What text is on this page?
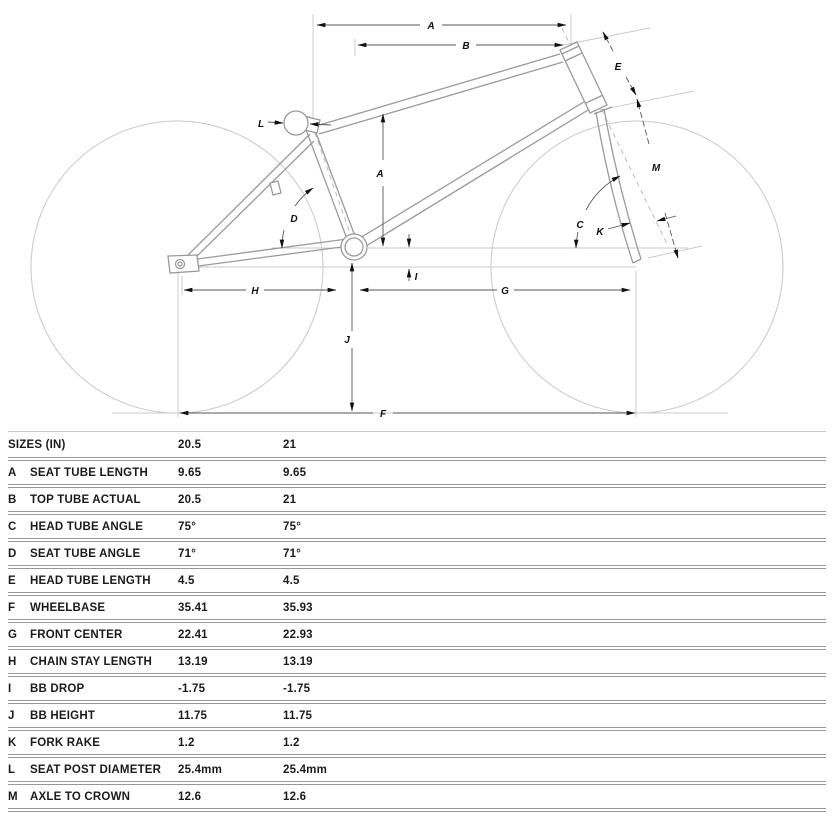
A
B
A
C
D
E
F
G
H
I
J
K
L
M
SIZES (IN)	20.5	21
A	SEAT TUBE LENGTH	9.65	9.65
B	TOP TUBE ACTUAL	20.5	21
C	HEAD TUBE ANGLE	75°	75°
D	SEAT TUBE ANGLE	71°	71°
E	HEAD TUBE LENGTH	4.5	4.5
F	WHEELBASE	35.41	35.93
G	FRONT CENTER	22.41	22.93
H	CHAIN STAY LENGTH	13.19	13.19
I	BB DROP	-1.75	-1.75
J	BB HEIGHT	11.75	11.75
K	FORK RAKE	1.2	1.2
L	SEAT POST DIAMETER	25.4mm	25.4mm
M	AXLE TO CROWN	12.6	12.6
